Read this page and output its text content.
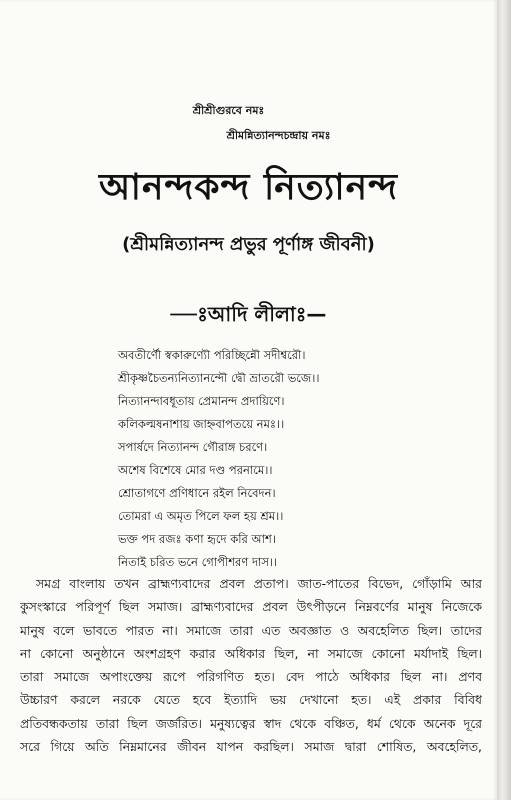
শ্রীশ্রীগুরবে নমঃ
শ্রীমন্নিত্যানন্দচন্দ্রায় নমঃ
আনন্দকন্দ নিত্যানন্দ
(শ্রীমন্নিত্যানন্দ প্রভুর পূর্ণাঙ্গ জীবনী)
—ঃআদি লীলাঃ—
অবতীর্ণৌ স্বকারুণ্যৌ পরিচ্ছিন্নৌ সদীশ্বরৌ।
শ্রীকৃষ্ণচৈতন্যনিত্যানন্দৌ দ্বৌ ভ্রাতরৌ ভজে।।
নিত্যানন্দাবধূতায় প্রেমানন্দ প্রদায়িণে।
কলিকল্মষনাশায় জাহ্নবাপতয়ে নমঃ।।
সপার্ষদে নিত্যানন্দ গৌরাঙ্গ চরণে।
অশেষ বিশেষে মোর দণ্ড পরনামে।।
শ্রোতাগণে প্রণিধানে রইল নিবেদন।
তোমরা এ অমৃত পিলে ফল হয় শ্রম।।
ভক্ত পদ রজঃ কণা হৃদে করি আশ।
নিতাই চরিত ভনে গোপীশরণ দাস।।
সমগ্র বাংলায় তখন ব্রাহ্মণ্যবাদের প্রবল প্রতাপ। জাত-পাতের বিভেদ, গোঁড়ামি আর
কুসংস্কারে পরিপূর্ণ ছিল সমাজ। ব্রাহ্মণ্যবাদের প্রবল উৎপীড়নে নিম্নবর্ণের মানুষ নিজেকে
মানুষ বলে ভাবতে পারত না। সমাজে তারা এত অবজ্ঞাত ও অবহেলিত ছিল। তাদের
না কোনো অনুষ্ঠানে অংশগ্রহণ করার অধিকার ছিল, না সমাজে কোনো মর্যাদাই ছিল।
তারা সমাজে অপাংক্তেয় রূপে পরিগণিত হত। বেদ পাঠে অধিকার ছিল না। প্রণব
উচ্চারণ করলে নরকে যেতে হবে ইত্যাদি ভয় দেখানো হত। এই প্রকার বিবিধ
প্রতিবন্ধকতায় তারা ছিল জর্জরিত। মনুষ্যত্বের স্বাদ থেকে বঞ্চিত, ধর্ম থেকে অনেক দূরে
সরে গিয়ে অতি নিম্নমানের জীবন যাপন করছিল। সমাজ দ্বারা শোষিত, অবহেলিত,
